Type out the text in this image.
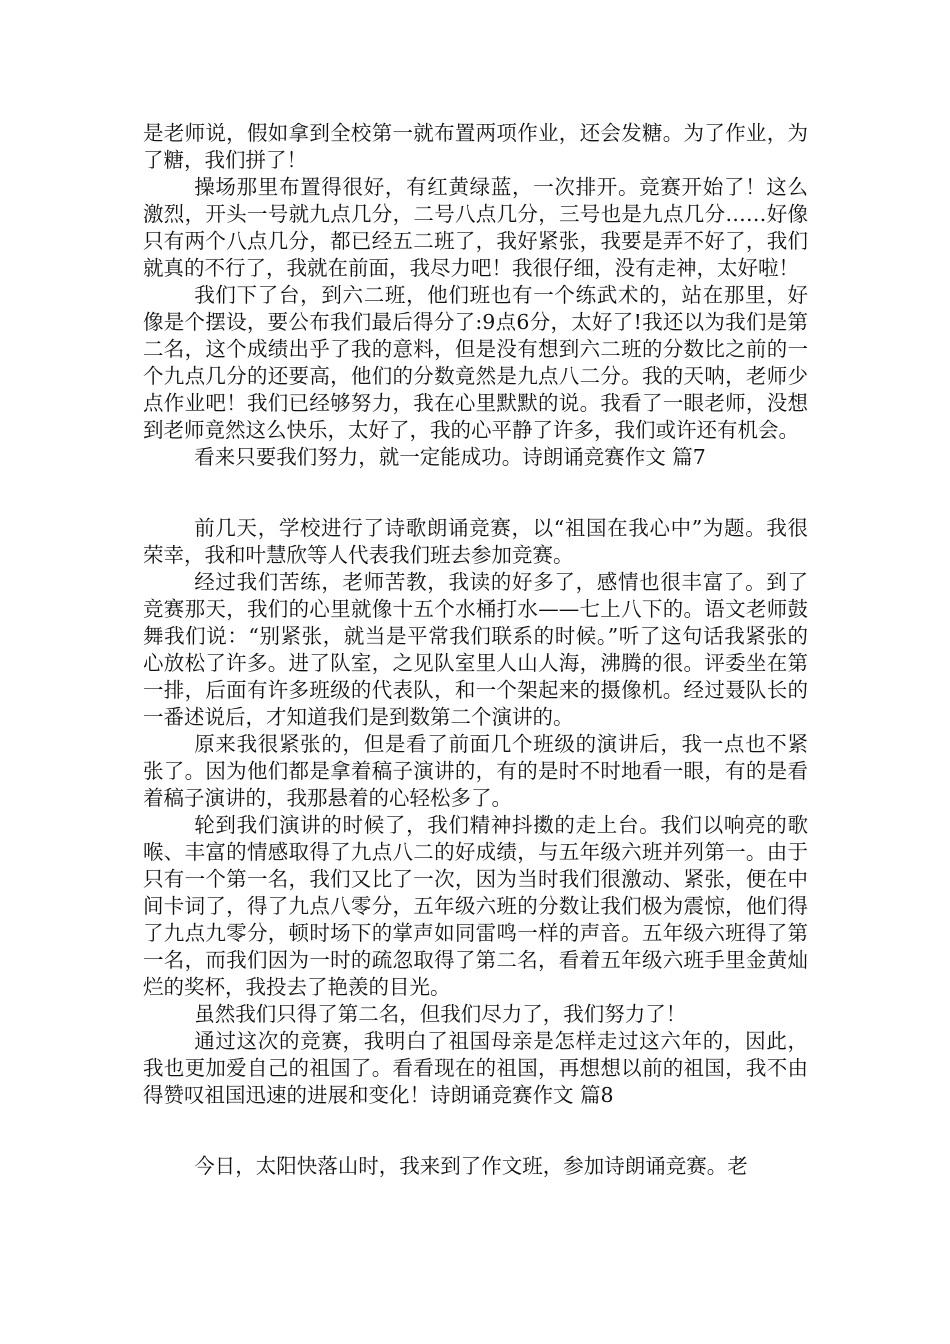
是老师说，假如拿到全校第一就布置两项作业，还会发糖。为了作业，为了糖，我们拼了！

操场那里布置得很好，有红黄绿蓝，一次排开。竞赛开始了！这么激烈，开头一号就九点几分，二号八点几分，三号也是九点几分……好像只有两个八点几分，都已经五二班了，我好紧张，我要是弄不好了，我们就真的不行了，我就在前面，我尽力吧！我很仔细，没有走神，太好啦！

我们下了台，到六二班，他们班也有一个练武术的，站在那里，好像是个摆设，要公布我们最后得分了:9点6分，太好了!我还以为我们是第二名，这个成绩出乎了我的意料，但是没有想到六二班的分数比之前的一个九点几分的还要高，他们的分数竟然是九点八二分。我的天呐，老师少点作业吧！我们已经够努力，我在心里默默的说。我看了一眼老师，没想到老师竟然这么快乐，太好了，我的心平静了许多，我们或许还有机会。

看来只要我们努力，就一定能成功。诗朗诵竞赛作文 篇7

前几天，学校进行了诗歌朗诵竞赛，以“祖国在我心中”为题。我很荣幸，我和叶慧欣等人代表我们班去参加竞赛。

经过我们苦练，老师苦教，我读的好多了，感情也很丰富了。到了竞赛那天，我们的心里就像十五个水桶打水——七上八下的。语文老师鼓舞我们说：“别紧张，就当是平常我们联系的时候。”听了这句话我紧张的心放松了许多。进了队室，之见队室里人山人海，沸腾的很。评委坐在第一排，后面有许多班级的代表队，和一个架起来的摄像机。经过聂队长的一番述说后，才知道我们是到数第二个演讲的。

原来我很紧张的，但是看了前面几个班级的演讲后，我一点也不紧张了。因为他们都是拿着稿子演讲的，有的是时不时地看一眼，有的是看着稿子演讲的，我那悬着的心轻松多了。

轮到我们演讲的时候了，我们精神抖擞的走上台。我们以响亮的歌喉、丰富的情感取得了九点八二的好成绩，与五年级六班并列第一。由于只有一个第一名，我们又比了一次，因为当时我们很激动、紧张，便在中间卡词了，得了九点八零分，五年级六班的分数让我们极为震惊，他们得了九点九零分，顿时场下的掌声如同雷鸣一样的声音。五年级六班得了第一名，而我们因为一时的疏忽取得了第二名，看着五年级六班手里金黄灿烂的奖杯，我投去了艳羡的目光。

虽然我们只得了第二名，但我们尽力了，我们努力了！

通过这次的竞赛，我明白了祖国母亲是怎样走过这六年的，因此，我也更加爱自己的祖国了。看看现在的祖国，再想想以前的祖国，我不由得赞叹祖国迅速的进展和变化！诗朗诵竞赛作文 篇8

今日，太阳快落山时，我来到了作文班，参加诗朗诵竞赛。老
